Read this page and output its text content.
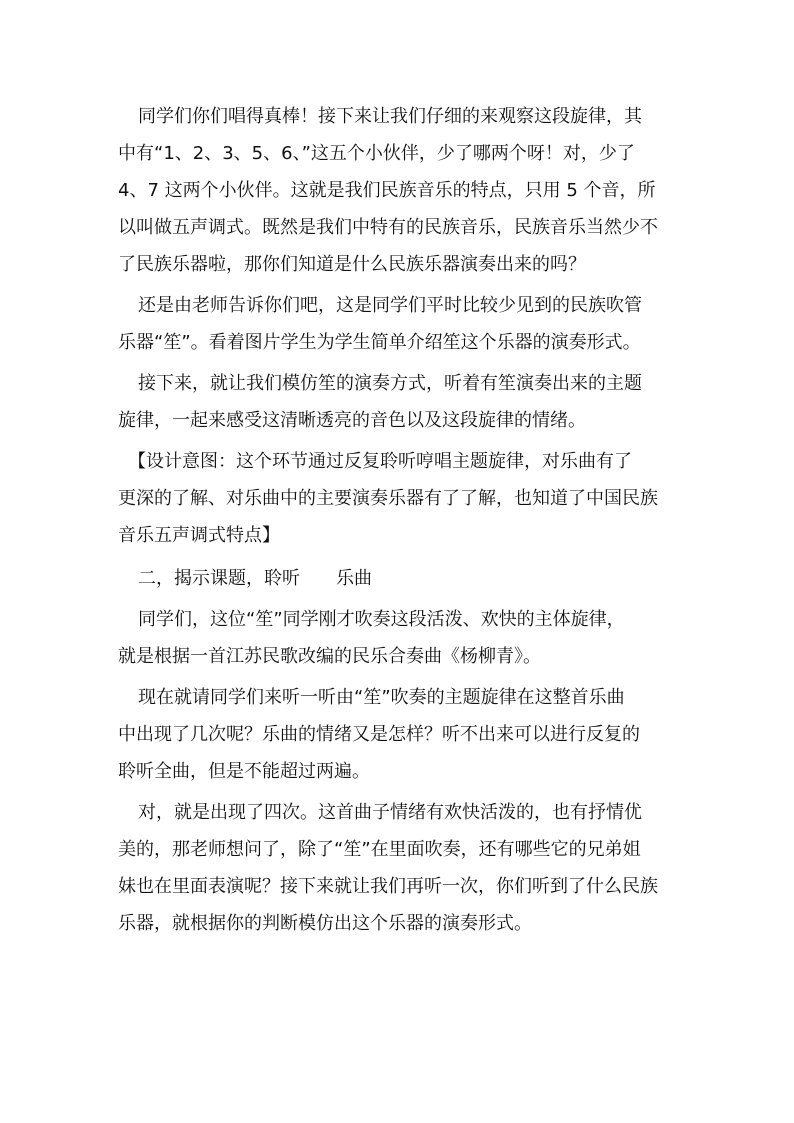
同学们你们唱得真棒！接下来让我们仔细的来观察这段旋律，其
中有“1、2、3、5、6、”这五个小伙伴，少了哪两个呀！对，少了
4、7 这两个小伙伴。这就是我们民族音乐的特点，只用 5 个音，所
以叫做五声调式。既然是我们中特有的民族音乐，民族音乐当然少不
了民族乐器啦，那你们知道是什么民族乐器演奏出来的吗？
还是由老师告诉你们吧，这是同学们平时比较少见到的民族吹管
乐器“笙”。看着图片学生为学生简单介绍笙这个乐器的演奏形式。
接下来，就让我们模仿笙的演奏方式，听着有笙演奏出来的主题
旋律，一起来感受这清晰透亮的音色以及这段旋律的情绪。
【设计意图：这个环节通过反复聆听哼唱主题旋律，对乐曲有了
更深的了解、对乐曲中的主要演奏乐器有了了解，也知道了中国民族
音乐五声调式特点】
二，揭示课题，聆听　　乐曲
同学们，这位“笙”同学刚才吹奏这段活泼、欢快的主体旋律，
就是根据一首江苏民歌改编的民乐合奏曲《杨柳青》。
现在就请同学们来听一听由“笙”吹奏的主题旋律在这整首乐曲
中出现了几次呢？乐曲的情绪又是怎样？听不出来可以进行反复的
聆听全曲，但是不能超过两遍。
对，就是出现了四次。这首曲子情绪有欢快活泼的，也有抒情优
美的，那老师想问了，除了“笙”在里面吹奏，还有哪些它的兄弟姐
妹也在里面表演呢？接下来就让我们再听一次，你们听到了什么民族
乐器，就根据你的判断模仿出这个乐器的演奏形式。
